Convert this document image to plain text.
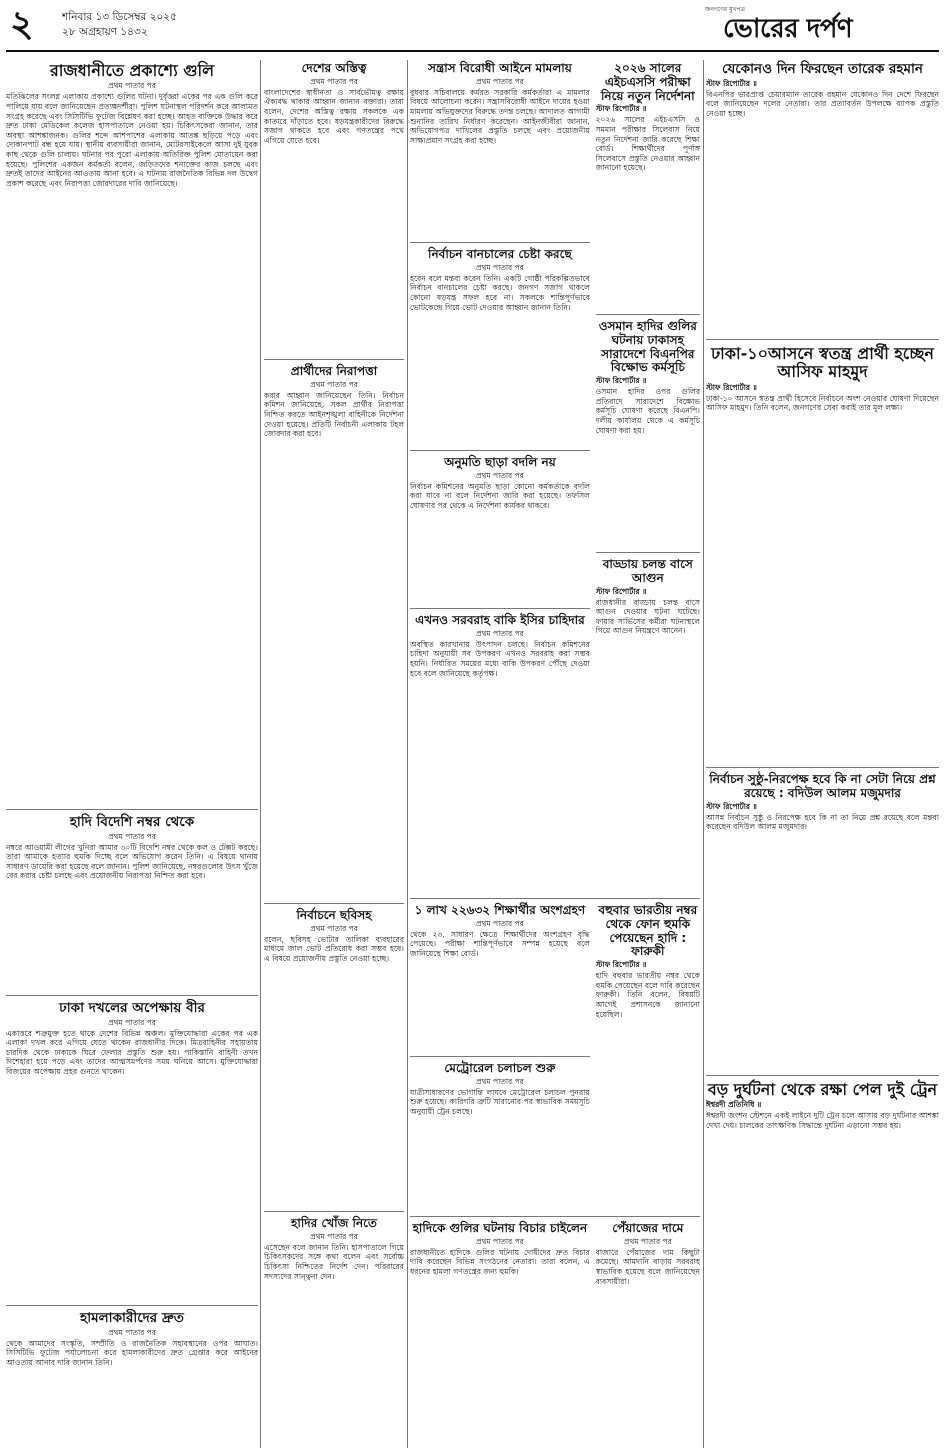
২	শনিবার ১৩ ডিসেম্বর ২০২৫
২৮ অগ্রহায়ণ ১৪৩২
জনগণের মুখপত্র
ভোরের দর্পণ
রাজধানীতে প্রকাশ্যে গুলি
প্রথম পাতার পর
মতিঝিলের সংলগ্ন এলাকায় প্রকাশ্যে গুলির ঘটনা। দুর্বৃত্তরা একের পর এক গুলি করে পালিয়ে যায় বলে জানিয়েছেন প্রত্যক্ষদর্শীরা। পুলিশ ঘটনাস্থল পরিদর্শন করে আলামত সংগ্রহ করেছে এবং সিসিটিভি ফুটেজ বিশ্লেষণ করা হচ্ছে। আহত ব্যক্তিকে উদ্ধার করে দ্রুত ঢাকা মেডিকেল কলেজ হাসপাতালে নেওয়া হয়। চিকিৎসকেরা জানান, তার অবস্থা আশঙ্কাজনক। গুলির শব্দে আশপাশের এলাকায় আতঙ্ক ছড়িয়ে পড়ে এবং দোকানপাট বন্ধ হয়ে যায়। স্থানীয় ব্যবসায়ীরা জানান, মোটরসাইকেলে আসা দুই যুবক কাছ থেকে গুলি চালায়। ঘটনার পর পুরো এলাকায় অতিরিক্ত পুলিশ মোতায়েন করা হয়েছে। পুলিশের একজন কর্মকর্তা বলেন, জড়িতদের শনাক্তের কাজ চলছে এবং দ্রুতই তাদের আইনের আওতায় আনা হবে। এ ঘটনায় রাজনৈতিক বিভিন্ন দল উদ্বেগ প্রকাশ করেছে এবং নিরাপত্তা জোরদারের দাবি জানিয়েছে।
হাদি বিদেশি নম্বর থেকে
প্রথম পাতার পর
নম্বরে আওয়ামী লীগের খুনিরা আমার ৩০টি বিদেশি নম্বর থেকে কল ও টেক্সট করছে। তারা আমাকে হত্যার হুমকি দিচ্ছে বলে অভিযোগ করেন তিনি। এ বিষয়ে থানায় সাধারণ ডায়েরি করা হয়েছে বলে জানান। পুলিশ জানিয়েছে, নম্বরগুলোর উৎস খুঁজে বের করার চেষ্টা চলছে এবং প্রয়োজনীয় নিরাপত্তা নিশ্চিত করা হবে।
ঢাকা দখলের অপেক্ষায় বীর
প্রথম পাতার পর
একাত্তরে শত্রুমুক্ত হতে থাকে দেশের বিভিন্ন অঞ্চল। মুক্তিযোদ্ধারা একের পর এক এলাকা দখল করে এগিয়ে যেতে থাকেন রাজধানীর দিকে। মিত্রবাহিনীর সহায়তায় চারদিক থেকে ঢাকাকে ঘিরে ফেলার প্রস্তুতি শুরু হয়। পাকিস্তানি বাহিনী তখন দিশেহারা হয়ে পড়ে এবং তাদের আত্মসমর্পণের সময় ঘনিয়ে আসে। মুক্তিযোদ্ধারা বিজয়ের অপেক্ষায় প্রহর গুনতে থাকেন।
হামলাকারীদের দ্রুত
প্রথম পাতার পর
থেকে আমাদের সংস্কৃতি, সম্প্রীতি ও রাজনৈতিক সহাবস্থানের ওপর আঘাত। সিসিটিভি ফুটেজ পর্যালোচনা করে হামলাকারীদের দ্রুত গ্রেপ্তার করে আইনের আওতায় আনার দাবি জানান তিনি।
দেশের অস্তিত্ব
প্রথম পাতার পর
বাংলাদেশের স্বাধীনতা ও সার্বভৌমত্ব রক্ষায় ঐক্যবদ্ধ থাকার আহ্বান জানান বক্তারা। তারা বলেন, দেশের অস্তিত্ব রক্ষায় সকলকে এক কাতারে দাঁড়াতে হবে। ষড়যন্ত্রকারীদের বিরুদ্ধে সজাগ থাকতে হবে এবং গণতন্ত্রের পথে এগিয়ে যেতে হবে।
প্রার্থীদের নিরাপত্তা
প্রথম পাতার পর
করার আহ্বান জানিয়েছেন তিনি। নির্বাচন কমিশন জানিয়েছে, সকল প্রার্থীর নিরাপত্তা নিশ্চিত করতে আইনশৃঙ্খলা বাহিনীকে নির্দেশনা দেওয়া হয়েছে। প্রতিটি নির্বাচনী এলাকায় টহল জোরদার করা হবে।
নির্বাচনে ছবিসহ
প্রথম পাতার পর
বলেন, ছবিসহ ভোটার তালিকা ব্যবহারের মাধ্যমে জাল ভোট প্রতিরোধ করা সম্ভব হবে। এ বিষয়ে প্রয়োজনীয় প্রস্তুতি নেওয়া হচ্ছে।
হাদির খোঁজ নিতে
প্রথম পাতার পর
এসেছেন বলে জানান তিনি। হাসপাতালে গিয়ে চিকিৎসকদের সঙ্গে কথা বলেন এবং সর্বোচ্চ চিকিৎসা নিশ্চিতের নির্দেশ দেন। পরিবারের সদস্যদের সান্ত্বনা দেন।
সন্ত্রাস বিরোধী আইনে মামলায়
প্রথম পাতার পর
বুধবার সচিবালয়ে কর্মরত সরকারি কর্মকর্তারা এ মামলার বিষয়ে আলোচনা করেন। সন্ত্রাসবিরোধী আইনে দায়ের হওয়া মামলায় অভিযুক্তদের বিরুদ্ধে তদন্ত চলছে। আদালত আগামী শুনানির তারিখ নির্ধারণ করেছেন। আইনজীবীরা জানান, অভিযোগপত্র দাখিলের প্রস্তুতি চলছে এবং প্রয়োজনীয় সাক্ষ্যপ্রমাণ সংগ্রহ করা হচ্ছে।
নির্বাচন বানচালের চেষ্টা করছে
প্রথম পাতার পর
হবেন বলে মন্তব্য করেন তিনি। একটি গোষ্ঠী পরিকল্পিতভাবে নির্বাচন বানচালের চেষ্টা করছে। জনগণ সজাগ থাকলে কোনো ষড়যন্ত্র সফল হবে না। সকলকে শান্তিপূর্ণভাবে ভোটকেন্দ্রে গিয়ে ভোট দেওয়ার আহ্বান জানান তিনি।
অনুমতি ছাড়া বদলি নয়
প্রথম পাতার পর
নির্বাচন কমিশনের অনুমতি ছাড়া কোনো কর্মকর্তাকে বদলি করা যাবে না বলে নির্দেশনা জারি করা হয়েছে। তফসিল ঘোষণার পর থেকে এ নির্দেশনা কার্যকর থাকবে।
এখনও সরবরাহ বাকি ইসির চাহিদার
প্রথম পাতার পর
অবস্থিত কারখানায় উৎপাদন চলছে। নির্বাচন কমিশনের চাহিদা অনুযায়ী সব উপকরণ এখনও সরবরাহ করা সম্ভব হয়নি। নির্ধারিত সময়ের মধ্যে বাকি উপকরণ পৌঁছে দেওয়া হবে বলে জানিয়েছে কর্তৃপক্ষ।
২০২৬ সালের এইচএসসি পরীক্ষা নিয়ে নতুন নির্দেশনা
স্টাফ রিপোর্টার ॥
২০২৬ সালের এইচএসসি ও সমমান পরীক্ষার সিলেবাস নিয়ে নতুন নির্দেশনা জারি করেছে শিক্ষা বোর্ড। শিক্ষার্থীদের পূর্ণাঙ্গ সিলেবাসে প্রস্তুতি নেওয়ার আহ্বান জানানো হয়েছে।
ওসমান হাদির গুলির ঘটনায় ঢাকাসহ সারাদেশে বিএনপির বিক্ষোভ কর্মসূচি
স্টাফ রিপোর্টার ॥
ওসমান হাদির ওপর গুলির প্রতিবাদে সারাদেশে বিক্ষোভ কর্মসূচি ঘোষণা করেছে বিএনপি। দলীয় কার্যালয় থেকে এ কর্মসূচি ঘোষণা করা হয়।
বাড্ডায় চলন্ত বাসে আগুন
স্টাফ রিপোর্টার ॥
রাজধানীর বাড্ডায় চলন্ত বাসে আগুন দেওয়ার ঘটনা ঘটেছে। ফায়ার সার্ভিসের কর্মীরা ঘটনাস্থলে গিয়ে আগুন নিয়ন্ত্রণে আনেন।
১ লাখ ২২৬৩২ শিক্ষার্থীর অংশগ্রহণ
প্রথম পাতার পর
থেকে ২৩, সাধারণ ক্ষেত্রে শিক্ষার্থীদের অংশগ্রহণ বৃদ্ধি পেয়েছে। পরীক্ষা শান্তিপূর্ণভাবে সম্পন্ন হয়েছে বলে জানিয়েছে শিক্ষা বোর্ড।
মেট্রোরেল চলাচল শুরু
প্রথম পাতার পর
যাত্রীসাধারণের ভোগান্তি লাঘবে মেট্রোরেল চলাচল পুনরায় শুরু হয়েছে। কারিগরি ত্রুটি সারানোর পর স্বাভাবিক সময়সূচি অনুযায়ী ট্রেন চলছে।
বহুবার ভারতীয় নম্বর থেকে ফোন হুমকি পেয়েছেন হাদি : ফারুকী
স্টাফ রিপোর্টার ॥
হাদি বহুবার ভারতীয় নম্বর থেকে হুমকি পেয়েছেন বলে দাবি করেছেন ফারুকী। তিনি বলেন, বিষয়টি আগেই প্রশাসনকে জানানো হয়েছিল।
হাদিকে গুলির ঘটনায় বিচার চাইলেন
প্রথম পাতার পর
রাজধানীতে হাদিকে গুলির ঘটনায় দোষীদের দ্রুত বিচার দাবি করেছেন বিভিন্ন সংগঠনের নেতারা। তারা বলেন, এ ধরনের হামলা গণতন্ত্রের জন্য হুমকি।
পেঁয়াজের দামে
প্রথম পাতার পর
বাজারে পেঁয়াজের দাম কিছুটা কমেছে। আমদানি বাড়ায় সরবরাহ স্বাভাবিক হয়েছে বলে জানিয়েছেন ব্যবসায়ীরা।
যেকোনও দিন ফিরছেন তারেক রহমান
স্টাফ রিপোর্টার ॥
বিএনপির ভারপ্রাপ্ত চেয়ারম্যান তারেক রহমান যেকোনও দিন দেশে ফিরছেন বলে জানিয়েছেন দলের নেতারা। তার প্রত্যাবর্তন উপলক্ষে ব্যাপক প্রস্তুতি নেওয়া হচ্ছে।
ঢাকা-১০আসনে স্বতন্ত্র প্রার্থী হচ্ছেন আসিফ মাহমুদ
স্টাফ রিপোর্টার ॥
ঢাকা-১০ আসনে স্বতন্ত্র প্রার্থী হিসেবে নির্বাচনে অংশ নেওয়ার ঘোষণা দিয়েছেন আসিফ মাহমুদ। তিনি বলেন, জনগণের সেবা করাই তার মূল লক্ষ্য।
নির্বাচন সুষ্ঠু-নিরপেক্ষ হবে কি না সেটা নিয়ে প্রশ্ন রয়েছে : বদিউল আলম মজুমদার
স্টাফ রিপোর্টার ॥
আসন্ন নির্বাচন সুষ্ঠু ও নিরপেক্ষ হবে কি না তা নিয়ে প্রশ্ন রয়েছে বলে মন্তব্য করেছেন বদিউল আলম মজুমদার।
বড় দুর্ঘটনা থেকে রক্ষা পেল দুই ট্রেন
ঈশ্বরদী প্রতিনিধি ॥
ঈশ্বরদী জংশন স্টেশনে একই লাইনে দুটি ট্রেন চলে আসায় বড় দুর্ঘটনার আশঙ্কা দেখা দেয়। চালকের তাৎক্ষণিক সিদ্ধান্তে দুর্ঘটনা এড়ানো সম্ভব হয়।
